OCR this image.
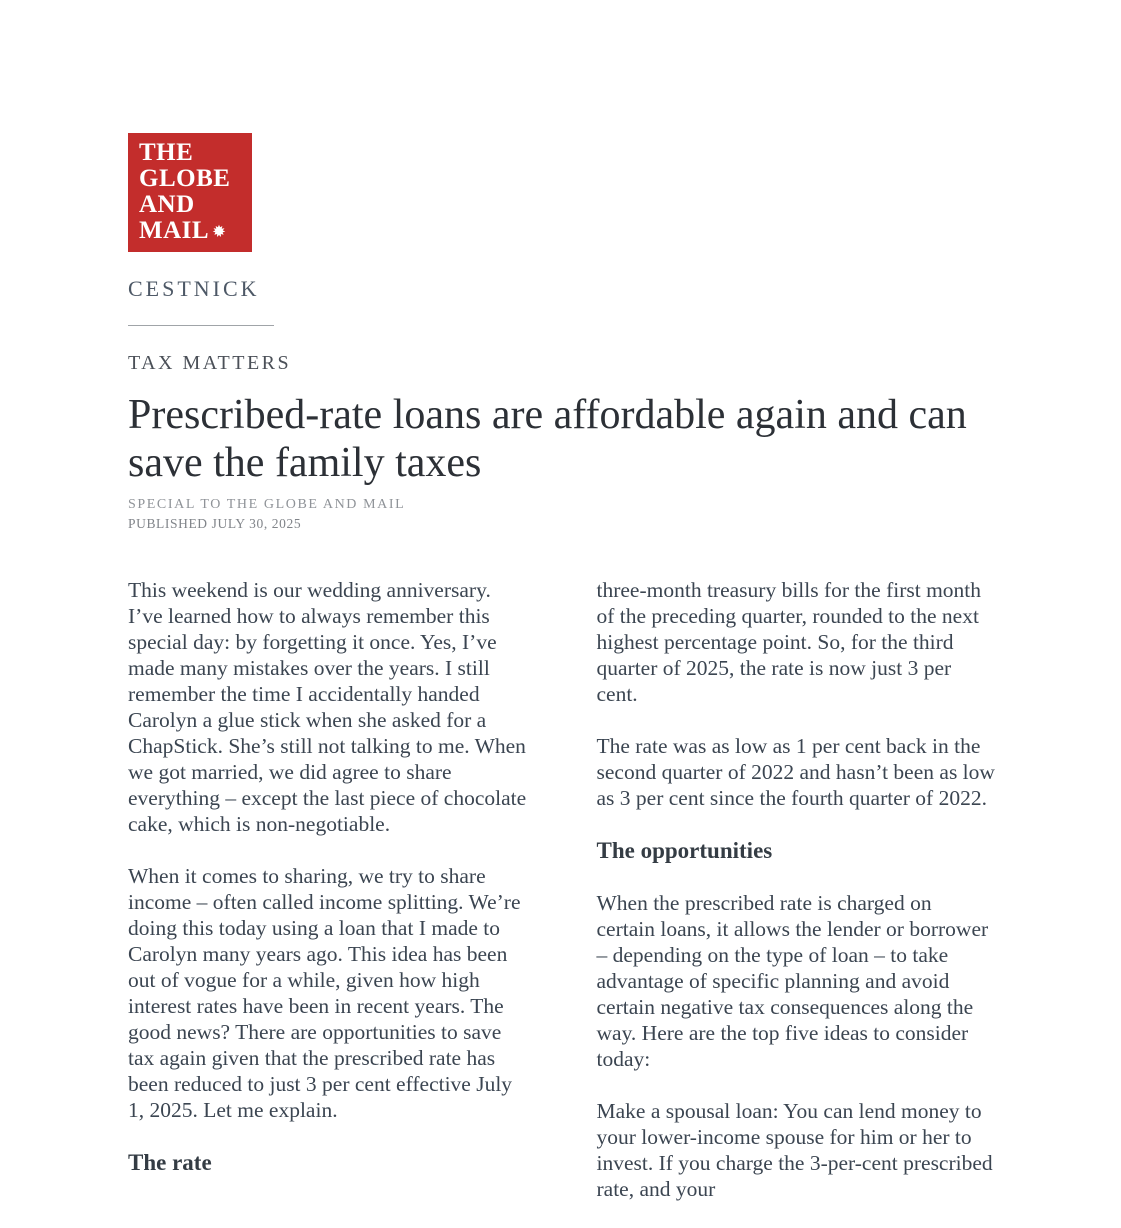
THE
GLOBE
AND
MAIL
CESTNICK
TAX MATTERS
Prescribed-rate loans are affordable again and can save the family taxes
SPECIAL TO THE GLOBE AND MAIL
PUBLISHED JULY 30, 2025

This weekend is our wedding anniversary. I’ve learned how to always remember this special day: by forgetting it once. Yes, I’ve made many mistakes over the years. I still remember the time I accidentally handed Carolyn a glue stick when she asked for a ChapStick. She’s still not talking to me. When we got married, we did agree to share everything – except the last piece of chocolate cake, which is non-negotiable.

When it comes to sharing, we try to share income – often called income splitting. We’re doing this today using a loan that I made to Carolyn many years ago. This idea has been out of vogue for a while, given how high interest rates have been in recent years. The good news? There are opportunities to save tax again given that the prescribed rate has been reduced to just 3 per cent effective July 1, 2025. Let me explain.

The rate

three-month treasury bills for the first month of the preceding quarter, rounded to the next highest percentage point. So, for the third quarter of 2025, the rate is now just 3 per cent.

The rate was as low as 1 per cent back in the second quarter of 2022 and hasn’t been as low as 3 per cent since the fourth quarter of 2022.

The opportunities

When the prescribed rate is charged on certain loans, it allows the lender or borrower – depending on the type of loan – to take advantage of specific planning and avoid certain negative tax consequences along the way. Here are the top five ideas to consider today:

Make a spousal loan: You can lend money to your lower-income spouse for him or her to invest. If you charge the 3-per-cent prescribed rate, and your
